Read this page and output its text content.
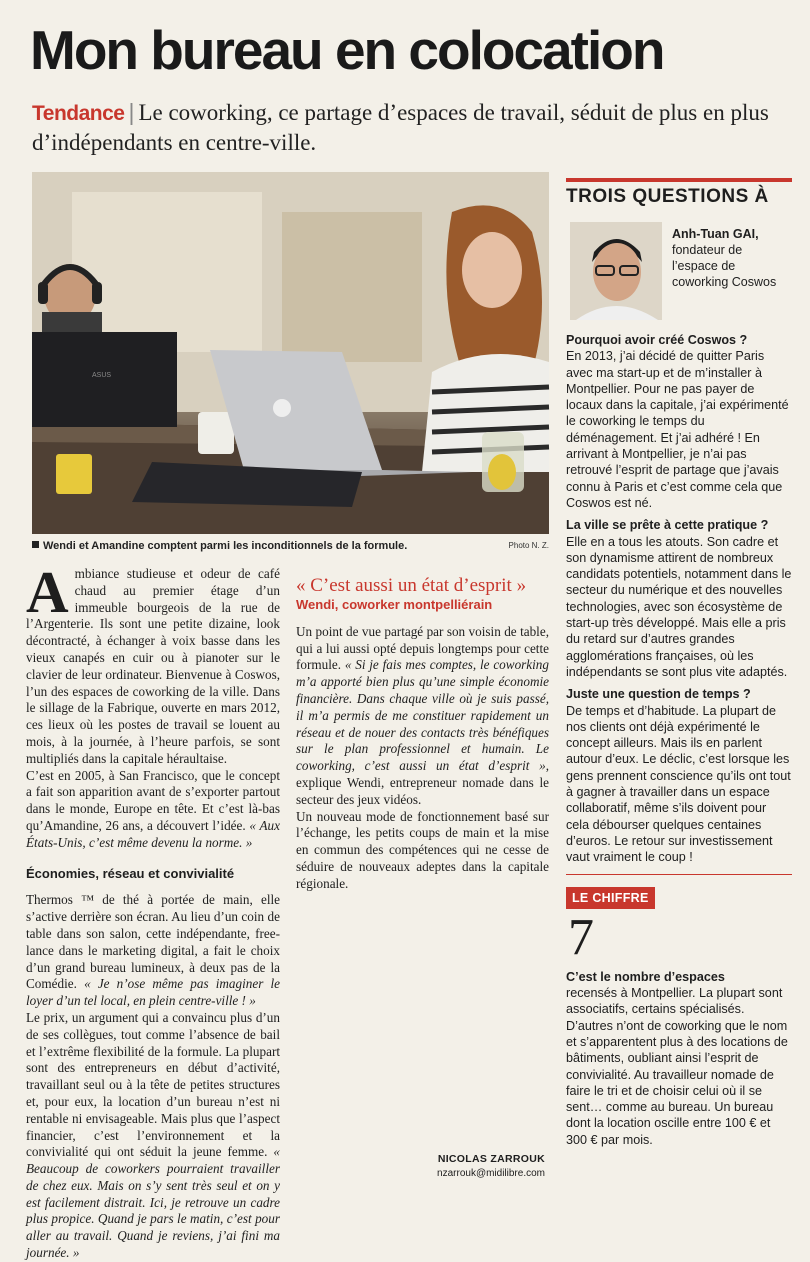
Mon bureau en colocation
Tendance | Le coworking, ce partage d’espaces de travail, séduit de plus en plus d’indépendants en centre-ville.
ASUS
Wendi et Amandine comptent parmi les inconditionnels de la formule.	Photo N. Z.

Ambiance studieuse et odeur de café chaud au premier étage d’un immeuble bourgeois de la rue de l’Argenterie. Ils sont une petite dizaine, look décontracté, à échanger à voix basse dans les vieux canapés en cuir ou à pianoter sur le clavier de leur ordinateur. Bienvenue à Coswos, l’un des espaces de coworking de la ville. Dans le sillage de la Fabrique, ouverte en mars 2012, ces lieux où les postes de travail se louent au mois, à la journée, à l’heure parfois, se sont multipliés dans la capitale héraultaise.

C’est en 2005, à San Francisco, que le concept a fait son apparition avant de s’exporter partout dans le monde, Europe en tête. Et c’est là-bas qu’Amandine, 26 ans, a découvert l’idée. « Aux États-Unis, c’est même devenu la norme. »

Économies, réseau et convivialité

Thermos ™ de thé à portée de main, elle s’active derrière son écran. Au lieu d’un coin de table dans son salon, cette indépendante, free-lance dans le marketing digital, a fait le choix d’un grand bureau lumineux, à deux pas de la Comédie. « Je n’ose même pas imaginer le loyer d’un tel local, en plein centre-ville ! »

Le prix, un argument qui a convaincu plus d’un de ses collègues, tout comme l’absence de bail et l’extrême flexibilité de la formule. La plupart sont des entrepreneurs en début d’activité, travaillant seul ou à la tête de petites structures et, pour eux, la location d’un bureau n’est ni rentable ni envisageable. Mais plus que l’aspect financier, c’est l’environnement et la convivialité qui ont séduit la jeune femme. « Beaucoup de coworkers pourraient travailler de chez eux. Mais on s’y sent très seul et on y est facilement distrait. Ici, je retrouve un cadre plus propice. Quand je pars le matin, c’est pour aller au travail. Quand je reviens, j’ai fini ma journée. »

« C’est aussi un état d’esprit »
Wendi, coworker montpelliérain

Un point de vue partagé par son voisin de table, qui a lui aussi opté depuis longtemps pour cette formule. « Si je fais mes comptes, le coworking m’a apporté bien plus qu’une simple économie financière. Dans chaque ville où je suis passé, il m’a permis de me constituer rapidement un réseau et de nouer des contacts très bénéfiques sur le plan professionnel et humain. Le coworking, c’est aussi un état d’esprit », explique Wendi, entrepreneur nomade dans le secteur des jeux vidéos.

Un nouveau mode de fonctionnement basé sur l’échange, les petits coups de main et la mise en commun des compétences qui ne cesse de séduire de nouveaux adeptes dans la capitale régionale.

NICOLAS ZARROUK
nzarrouk@midilibre.com
TROIS QUESTIONS À
Anh-Tuan GAI,
fondateur de l’espace de coworking Coswos
Pourquoi avoir créé Coswos ?
En 2013, j’ai décidé de quitter Paris avec ma start-up et de m’installer à Montpellier. Pour ne pas payer de locaux dans la capitale, j’ai expérimenté le coworking le temps du déménagement. Et j’ai adhéré ! En arrivant à Montpellier, je n’ai pas retrouvé l’esprit de partage que j’avais connu à Paris et c’est comme cela que Coswos est né.
La ville se prête à cette pratique ?
Elle en a tous les atouts. Son cadre et son dynamisme attirent de nombreux candidats potentiels, notamment dans le secteur du numérique et des nouvelles technologies, avec son écosystème de start-up très développé. Mais elle a pris du retard sur d’autres grandes agglomérations françaises, où les indépendants se sont plus vite adaptés.
Juste une question de temps ?
De temps et d’habitude. La plupart de nos clients ont déjà expérimenté le concept ailleurs. Mais ils en parlent autour d’eux. Le déclic, c’est lorsque les gens prennent conscience qu’ils ont tout à gagner à travailler dans un espace collaboratif, même s’ils doivent pour cela débourser quelques centaines d’euros. Le retour sur investissement vaut vraiment le coup !
LE CHIFFRE
7
C’est le nombre d’espaces
recensés à Montpellier. La plupart sont associatifs, certains spécialisés. D’autres n’ont de coworking que le nom et s’apparentent plus à des locations de bâtiments, oubliant ainsi l’esprit de convivialité. Au travailleur nomade de faire le tri et de choisir celui où il se sent… comme au bureau. Un bureau dont la location oscille entre 100 € et 300 € par mois.
